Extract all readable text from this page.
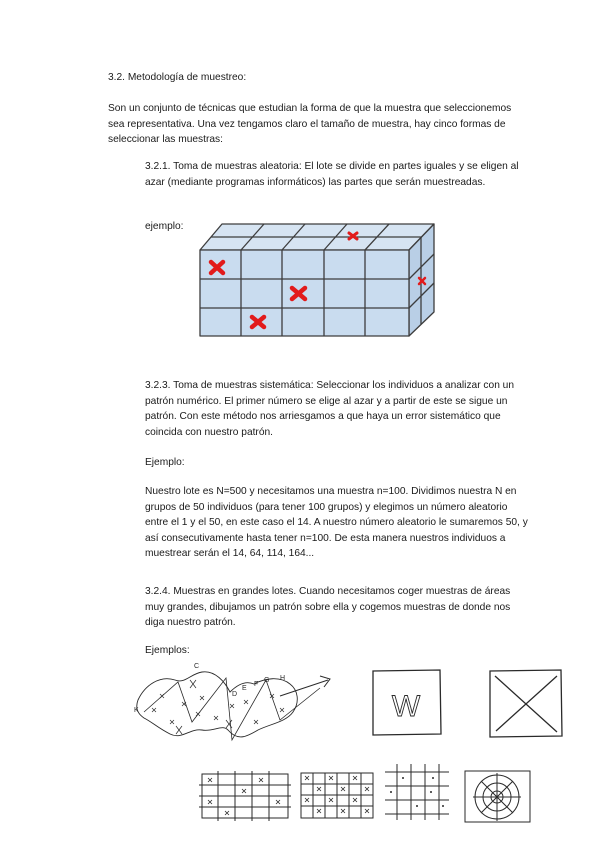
3.2. Metodología de muestreo:

Son un conjunto de técnicas que estudian la forma de que la muestra que seleccionemos sea representativa. Una vez tengamos claro el tamaño de muestra, hay cinco formas de seleccionar las muestras:

3.2.1. Toma de muestras aleatoria: El lote se divide en partes iguales y se eligen al azar (mediante programas informáticos) las partes que serán muestreadas.

ejemplo:

3.2.3. Toma de muestras sistemática: Seleccionar los individuos a analizar con un patrón numérico. El primer número se elige al azar y a partir de este se sigue un patrón. Con este método nos arriesgamos a que haya un error sistemático que coincida con nuestro patrón.

Ejemplo:

Nuestro lote es N=500 y necesitamos una muestra n=100. Dividimos nuestra N en grupos de 50 individuos (para tener 100 grupos) y elegimos un número aleatorio entre el 1 y el 50, en este caso el 14. A nuestro número aleatorio le sumaremos 50, y así consecutivamente hasta tener n=100. De esta manera nuestros individuos a muestrear serán el 14, 64, 114, 164...

3.2.4. Muestras en grandes lotes. Cuando necesitamos coger muestras de áreas muy grandes, dibujamos un patrón sobre ella y cogemos muestras de donde nos diga nuestro patrón.

Ejemplos:

C
D
E
F
G H
K	W
